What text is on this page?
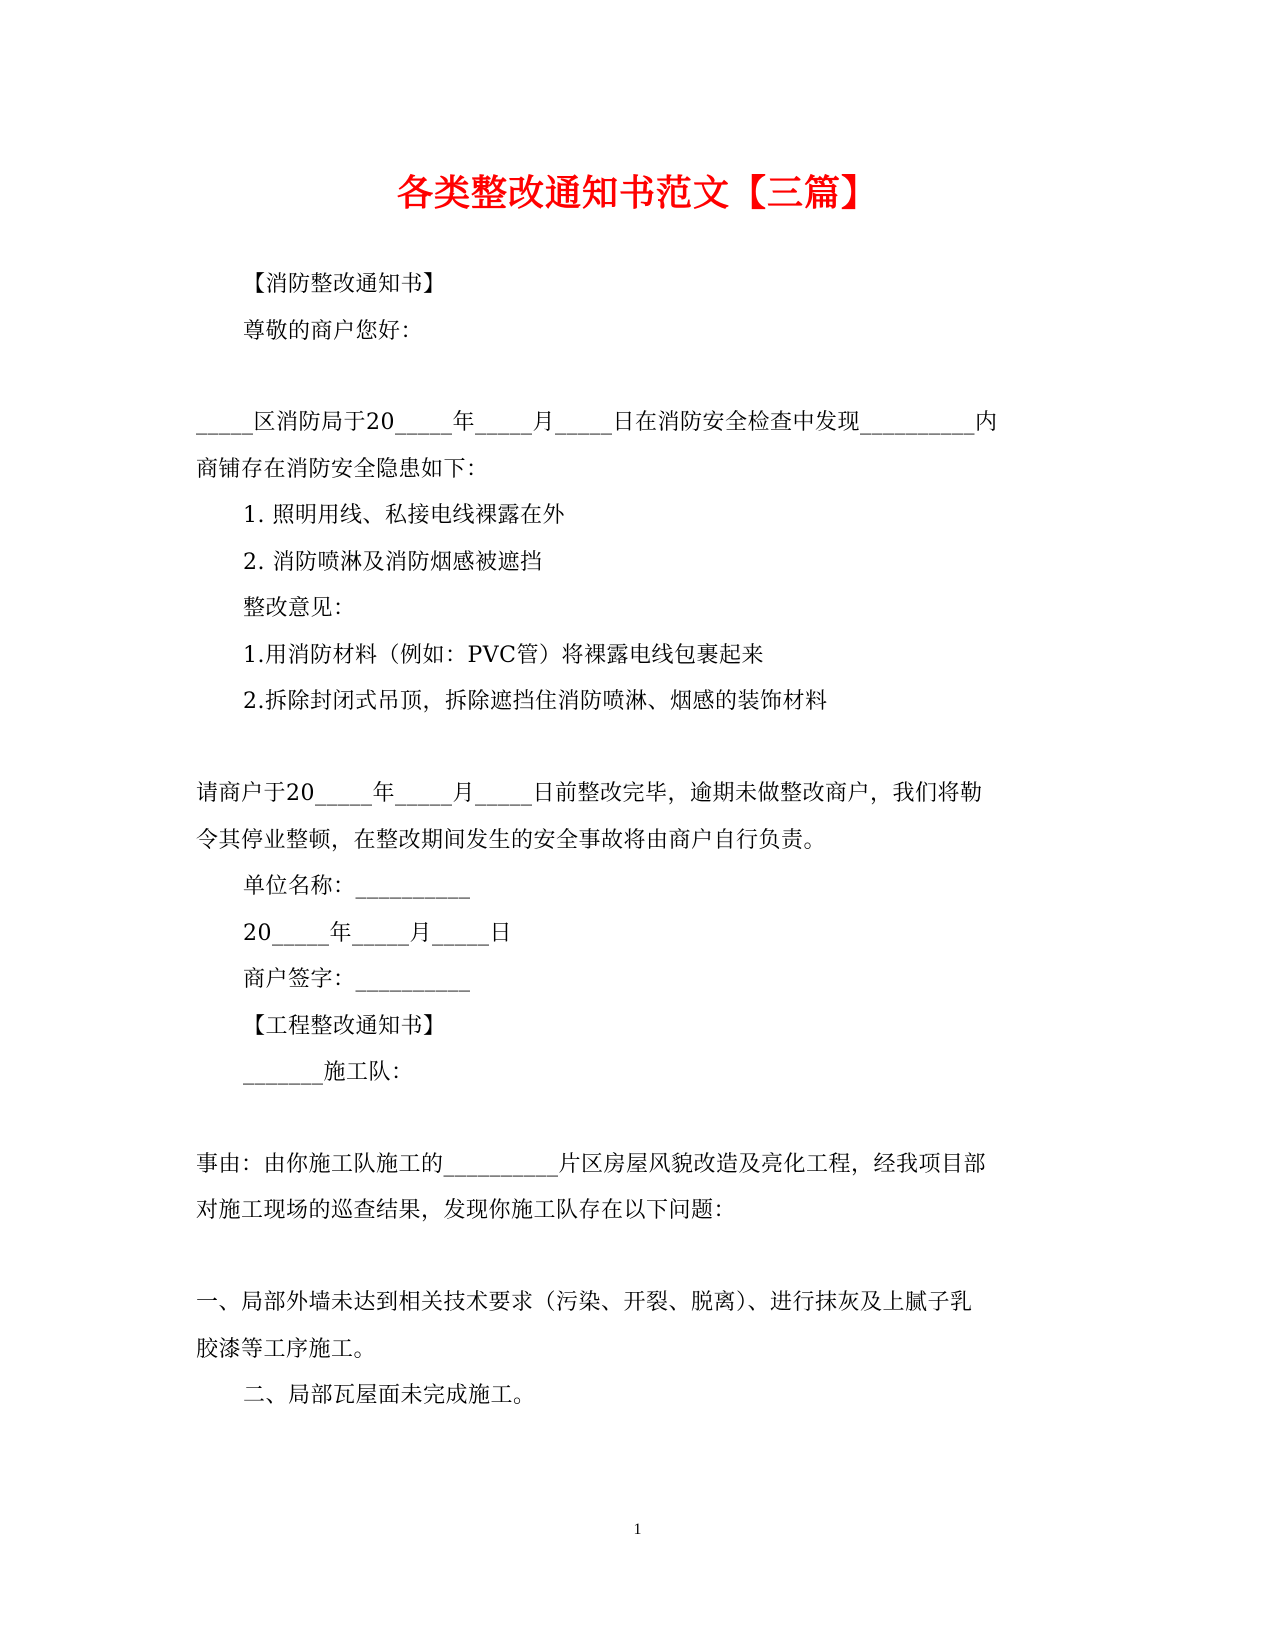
各类整改通知书范文【三篇】
【消防整改通知书】
尊敬的商户您好：
_____区消防局于20_____年_____月_____日在消防安全检查中发现__________内
商铺存在消防安全隐患如下：
1. 照明用线、私接电线裸露在外
2. 消防喷淋及消防烟感被遮挡
整改意见：
1.用消防材料（例如：PVC管）将裸露电线包裹起来
2.拆除封闭式吊顶，拆除遮挡住消防喷淋、烟感的装饰材料
请商户于20_____年_____月_____日前整改完毕，逾期未做整改商户，我们将勒
令其停业整顿，在整改期间发生的安全事故将由商户自行负责。
单位名称：__________
20_____年_____月_____日
商户签字：__________
【工程整改通知书】
_______施工队：
事由：由你施工队施工的__________片区房屋风貌改造及亮化工程，经我项目部
对施工现场的巡查结果，发现你施工队存在以下问题：
一、局部外墙未达到相关技术要求（污染、开裂、脱离）、进行抹灰及上腻子乳
胶漆等工序施工。
二、局部瓦屋面未完成施工。
1
